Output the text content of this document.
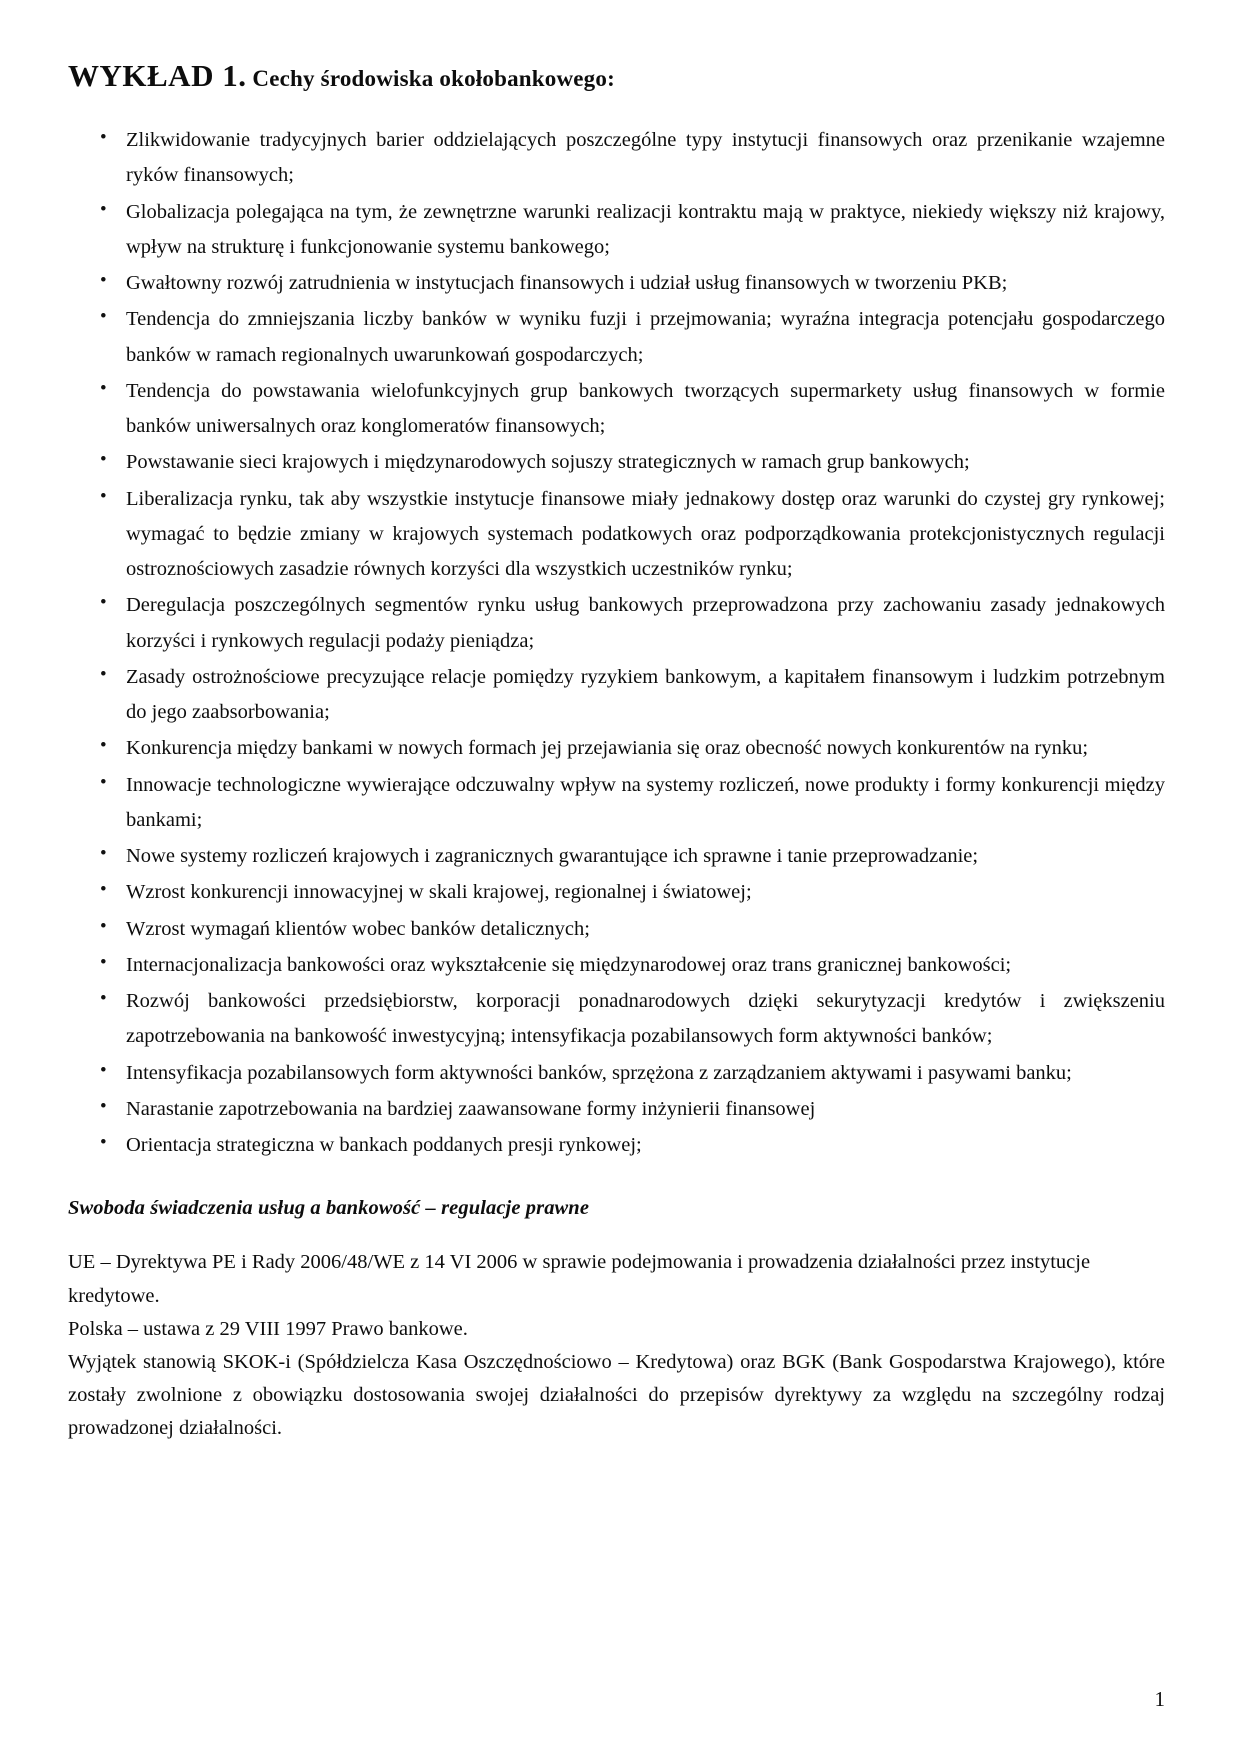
WYKŁAD 1. Cechy środowiska okołobankowego:
• Zlikwidowanie tradycyjnych barier oddzielających poszczególne typy instytucji finansowych oraz przenikanie wzajemne ryków finansowych;
• Globalizacja polegająca na tym, że zewnętrzne warunki realizacji kontraktu mają w praktyce, niekiedy większy niż krajowy, wpływ na strukturę i funkcjonowanie systemu bankowego;
• Gwałtowny rozwój zatrudnienia w instytucjach finansowych i udział usług finansowych w tworzeniu PKB;
• Tendencja do zmniejszania liczby banków w wyniku fuzji i przejmowania; wyraźna integracja potencjału gospodarczego banków w ramach regionalnych uwarunkowań gospodarczych;
• Tendencja do powstawania wielofunkcyjnych grup bankowych tworzących supermarkety usług finansowych w formie banków uniwersalnych oraz konglomeratów finansowych;
• Powstawanie sieci krajowych i międzynarodowych sojuszy strategicznych w ramach grup bankowych;
• Liberalizacja rynku, tak aby wszystkie instytucje finansowe miały jednakowy dostęp oraz warunki do czystej gry rynkowej; wymagać to będzie zmiany w krajowych systemach podatkowych oraz podporządkowania protekcjonistycznych regulacji ostroznościowych zasadzie równych korzyści dla wszystkich uczestników rynku;
• Deregulacja poszczególnych segmentów rynku usług bankowych przeprowadzona przy zachowaniu zasady jednakowych korzyści i rynkowych regulacji podaży pieniądza;
• Zasady ostrożnościowe precyzujące relacje pomiędzy ryzykiem bankowym, a kapitałem finansowym i ludzkim potrzebnym do jego zaabsorbowania;
• Konkurencja między bankami w nowych formach jej przejawiania się oraz obecność nowych konkurentów na rynku;
• Innowacje technologiczne wywierające odczuwalny wpływ na systemy rozliczeń, nowe produkty i formy konkurencji między bankami;
• Nowe systemy rozliczeń krajowych i zagranicznych gwarantujące ich sprawne i tanie przeprowadzanie;
• Wzrost konkurencji innowacyjnej w skali krajowej, regionalnej i światowej;
• Wzrost wymagań klientów wobec banków detalicznych;
• Internacjonalizacja bankowości oraz wykształcenie się międzynarodowej oraz trans granicznej bankowości;
• Rozwój bankowości przedsiębiorstw, korporacji ponadnarodowych dzięki sekurytyzacji kredytów i zwiększeniu zapotrzebowania na bankowość inwestycyjną; intensyfikacja pozabilansowych form aktywności banków;
• Intensyfikacja pozabilansowych form aktywności banków, sprzężona z zarządzaniem aktywami i pasywami banku;
• Narastanie zapotrzebowania na bardziej zaawansowane formy inżynierii finansowej
• Orientacja strategiczna w bankach poddanych presji rynkowej;
Swoboda świadczenia usług a bankowość – regulacje prawne

UE – Dyrektywa PE i Rady 2006/48/WE z 14 VI 2006 w sprawie podejmowania i prowadzenia działalności przez instytucje kredytowe.

Polska – ustawa z 29 VIII 1997 Prawo bankowe.

Wyjątek stanowią SKOK-i (Spółdzielcza Kasa Oszczędnościowo – Kredytowa) oraz BGK (Bank Gospodarstwa Krajowego), które zostały zwolnione z obowiązku dostosowania swojej działalności do przepisów dyrektywy za względu na szczególny rodzaj prowadzonej działalności.

1
